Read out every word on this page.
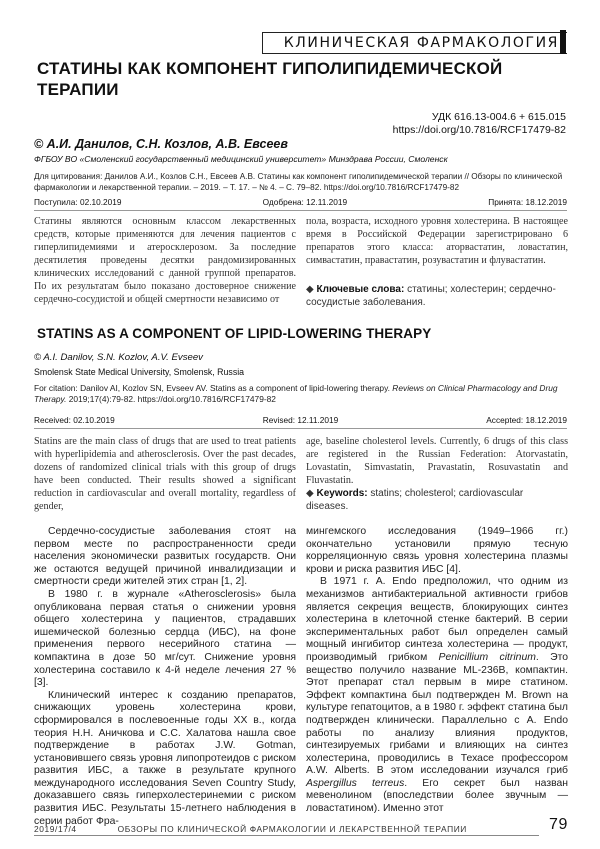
КЛИНИЧЕСКАЯ ФАРМАКОЛОГИЯ
СТАТИНЫ КАК КОМПОНЕНТ ГИПОЛИПИДЕМИЧЕСКОЙ ТЕРАПИИ
УДК 616.13-004.6 + 615.015
https://doi.org/10.7816/RCF17479-82
© А.И. Данилов, С.Н. Козлов, А.В. Евсеев
ФГБОУ ВО «Смоленский государственный медицинский университет» Минздрава России, Смоленск
Для цитирования: Данилов А.И., Козлов С.Н., Евсеев А.В. Статины как компонент гиполипидемической терапии // Обзоры по клинической фармакологии и лекарственной терапии. – 2019. – Т. 17. – № 4. – С. 79–82. https://doi.org/10.7816/RCF17479-82
Поступила: 02.10.2019	Одобрена: 12.11.2019	Принята: 18.12.2019
Статины являются основным классом лекарственных средств, которые применяются для лечения пациентов с гиперлипидемиями и атеросклерозом. За последние десятилетия проведены десятки рандомизированных клинических исследований с данной группой препаратов. По их результатам было показано достоверное снижение сердечно-сосудистой и общей смертности независимо от
пола, возраста, исходного уровня холестерина. В настоящее время в Российской Федерации зарегистрировано 6 препаратов этого класса: аторвастатин, ловастатин, симвастатин, правастатин, розувастатин и флувастатин.
◆ Ключевые слова: статины; холестерин; сердечно-сосудистые заболевания.
STATINS AS A COMPONENT OF LIPID-LOWERING THERAPY
© A.I. Danilov, S.N. Kozlov, A.V. Evseev
Smolensk State Medical University, Smolensk, Russia
For citation: Danilov AI, Kozlov SN, Evseev AV. Statins as a component of lipid-lowering therapy. Reviews on Clinical Pharmacology and Drug Therapy. 2019;17(4):79-82. https://doi.org/10.7816/RCF17479-82
Received: 02.10.2019	Revised: 12.11.2019	Accepted: 18.12.2019
Statins are the main class of drugs that are used to treat patients with hyperlipidemia and atherosclerosis. Over the past decades, dozens of randomized clinical trials with this group of drugs have been conducted. Their results showed a significant reduction in cardiovascular and overall mortality, regardless of gender,
age, baseline cholesterol levels. Currently, 6 drugs of this class are registered in the Russian Federation: Atorvastatin, Lovastatin, Simvastatin, Pravastatin, Rosuvastatin and Fluvastatin.
◆ Keywords: statins; cholesterol; cardiovascular diseases.

Сердечно-сосудистые заболевания стоят на первом месте по распространенности среди населения экономически развитых государств. Они же остаются ведущей причиной инвалидизации и смертности среди жителей этих стран [1, 2].

В 1980 г. в журнале «Atherosclerosis» была опубликована первая статья о снижении уровня общего холестерина у пациентов, страдавших ишемической болезнью сердца (ИБС), на фоне применения первого несерийного статина — компактина в дозе 50 мг/сут. Снижение уровня холестерина составило к 4-й неделе лечения 27 % [3].

Клинический интерес к созданию препаратов, снижающих уровень холестерина крови, сформировался в послевоенные годы ХХ в., когда теория Н.Н. Аничкова и С.С. Халатова нашла свое подтверждение в работах J.W. Gotman, установившего связь уровня липопротеидов с риском развития ИБС, а также в результате крупного международного исследования Seven Country Study, доказавшего связь гиперхолестеринемии с риском развития ИБС. Результаты 15-летнего наблюдения в серии работ Фра-

мингемского исследования (1949–1966 гг.) окончательно установили прямую тесную корреляционную связь уровня холестерина плазмы крови и риска развития ИБС [4].

В 1971 г. A. Endo предположил, что одним из механизмов антибактериальной активности грибов является секреция веществ, блокирующих синтез холестерина в клеточной стенке бактерий. В серии экспериментальных работ был определен самый мощный ингибитор синтеза холестерина — продукт, производимый грибком Penicillium citrinum. Это вещество получило название ML-236B, компактин. Этот препарат стал первым в мире статином. Эффект компактина был подтвержден M. Brown на культуре гепатоцитов, а в 1980 г. эффект статина был подтвержден клинически. Параллельно с A. Endo работы по анализу влияния продуктов, синтезируемых грибами и влияющих на синтез холестерина, проводились в Техасе профессором A.W. Alberts. В этом исследовании изучался гриб Aspergillus terreus. Его секрет был назван мевенолином (впоследствии более звучным — ловастатином). Именно этот

2019/17/4	ОБЗОРЫ ПО КЛИНИЧЕСКОЙ ФАРМАКОЛОГИИ И ЛЕКАРСТВЕННОЙ ТЕРАПИИ	79
